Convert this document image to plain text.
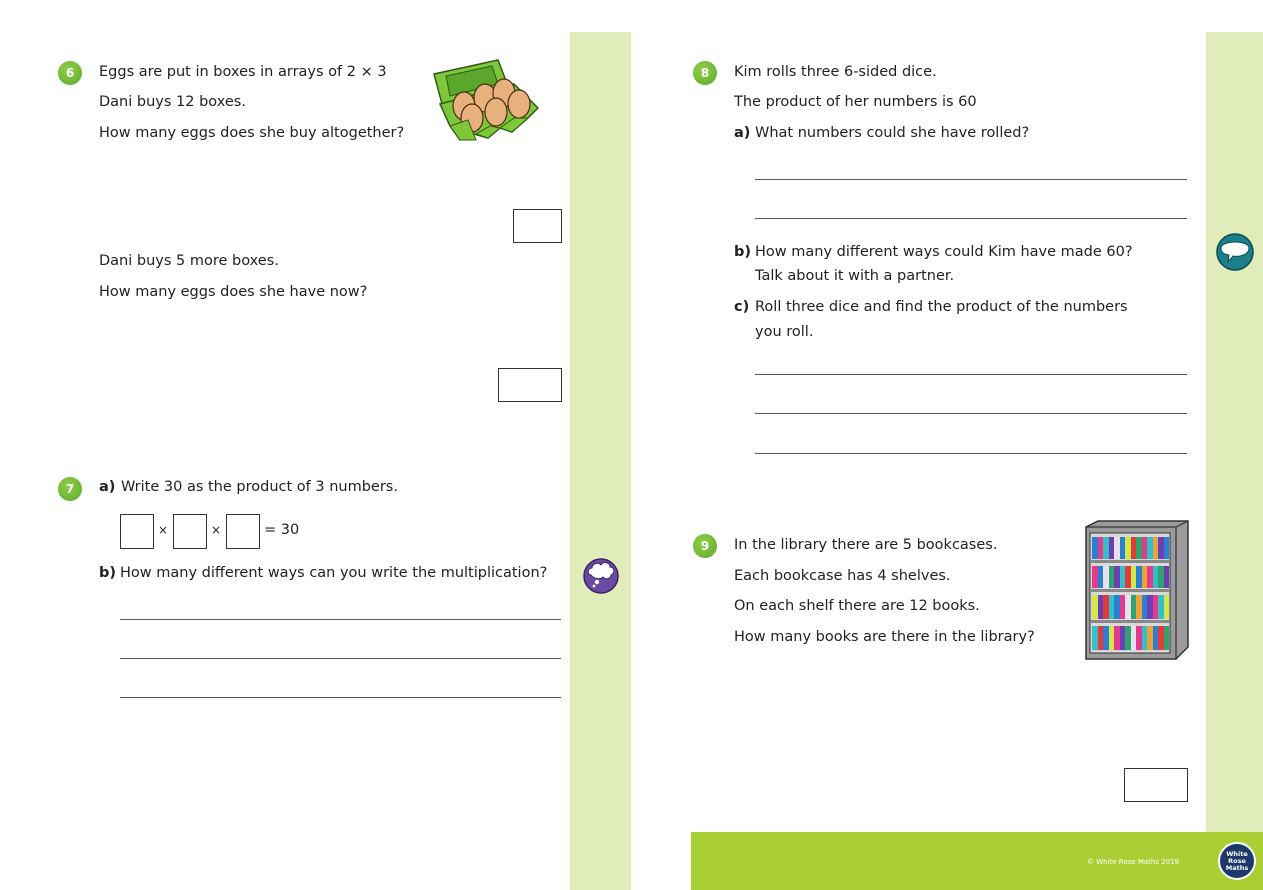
6 Eggs are put in boxes in arrays of 2 × 3
Dani buys 12 boxes.
How many eggs does she buy altogether?
Dani buys 5 more boxes.
How many eggs does she have now?
7 a) Write 30 as the product of 3 numbers.
×	×	= 30
b) How many different ways can you write the multiplication?
8 Kim rolls three 6-sided dice.
The product of her numbers is 60
a) What numbers could she have rolled?
b) How many different ways could Kim have made 60?
Talk about it with a partner.
c) Roll three dice and find the product of the numbers
you roll.
9 In the library there are 5 bookcases.
Each bookcase has 4 shelves.
On each shelf there are 12 books.
How many books are there in the library?
© White Rose Maths 2019
White
Rose
Maths
